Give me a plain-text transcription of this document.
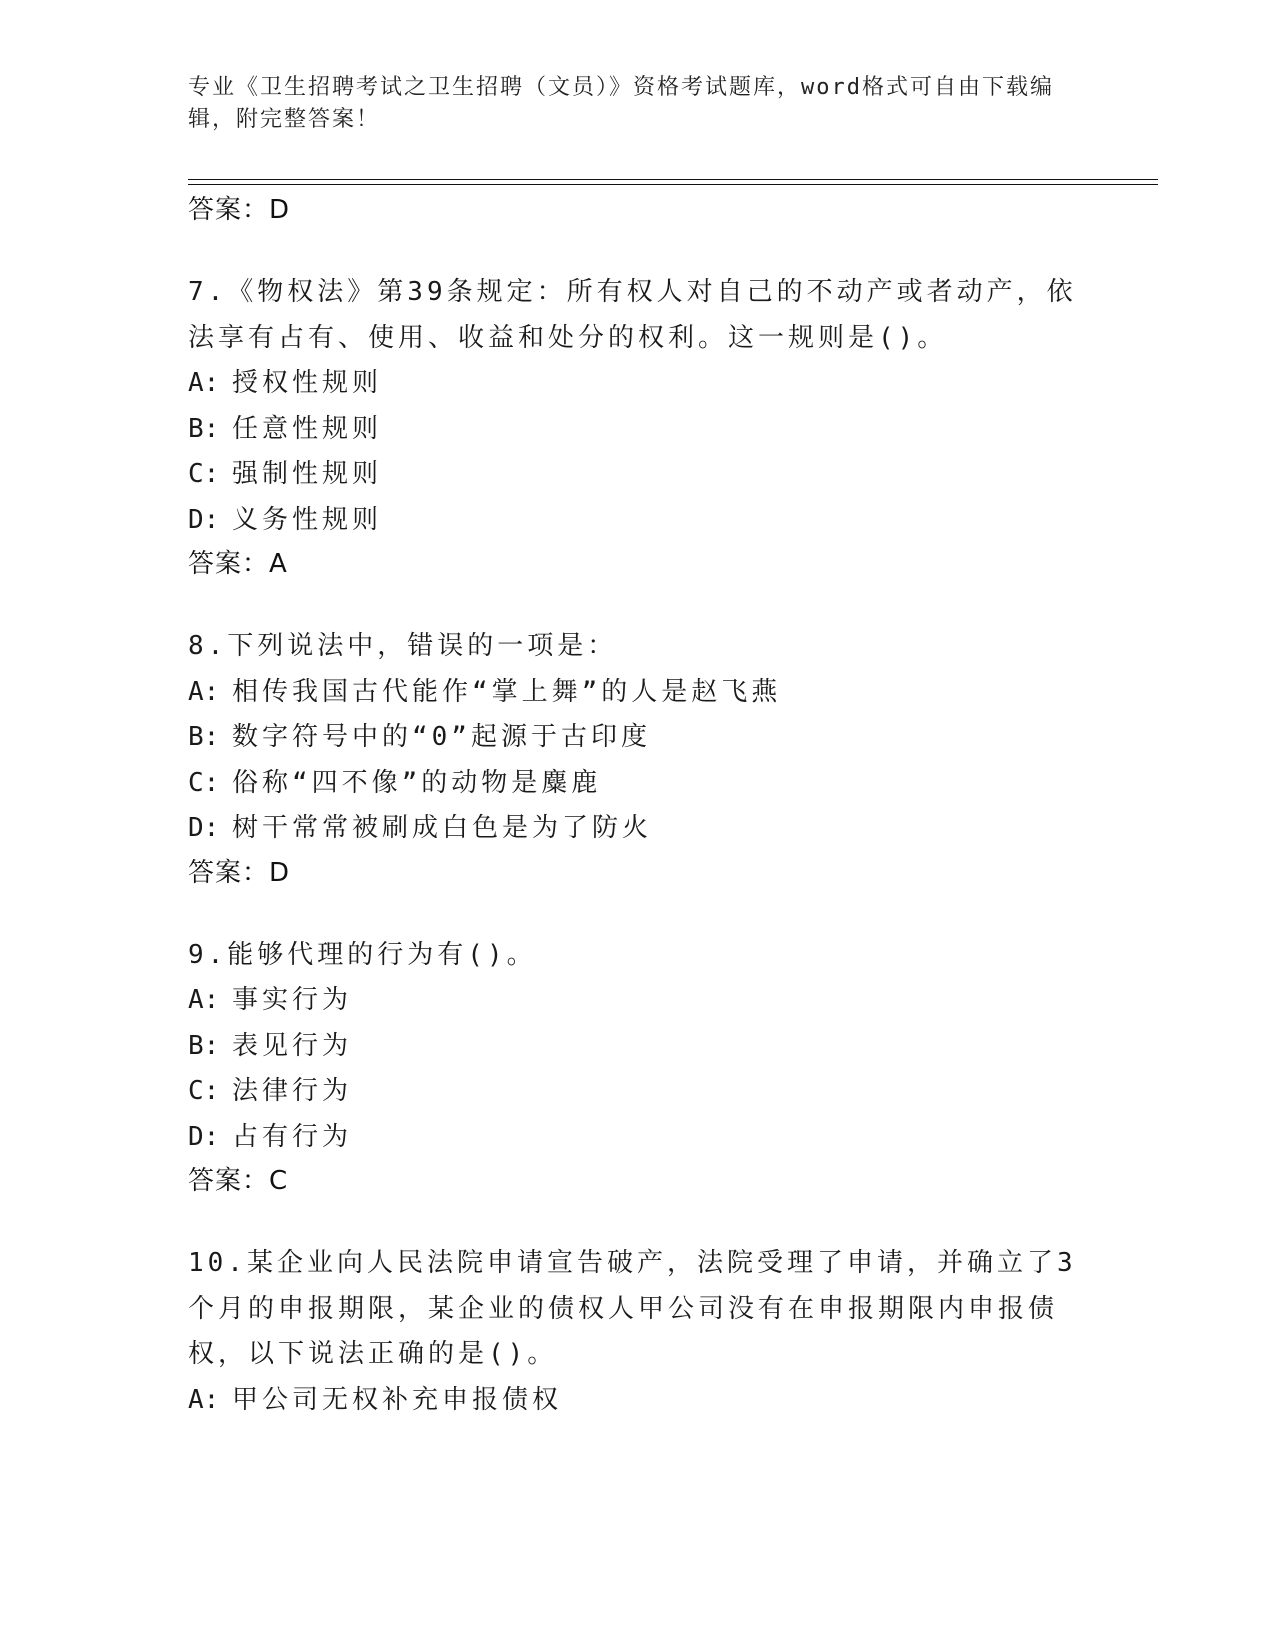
专业《卫生招聘考试之卫生招聘（文员）》资格考试题库，word格式可自由下载编辑，附完整答案！
答案：D
7.《物权法》第39条规定：所有权人对自己的不动产或者动产，依法享有占有、使用、收益和处分的权利。这一规则是()。
A: 授权性规则
B: 任意性规则
C: 强制性规则
D: 义务性规则
答案：A
8.下列说法中，错误的一项是：
A: 相传我国古代能作“掌上舞”的人是赵飞燕
B: 数字符号中的“0”起源于古印度
C: 俗称“四不像”的动物是麋鹿
D: 树干常常被刷成白色是为了防火
答案：D
9.能够代理的行为有()。
A: 事实行为
B: 表见行为
C: 法律行为
D: 占有行为
答案：C
10.某企业向人民法院申请宣告破产，法院受理了申请，并确立了3个月的申报期限，某企业的债权人甲公司没有在申报期限内申报债权，以下说法正确的是()。
A: 甲公司无权补充申报债权
